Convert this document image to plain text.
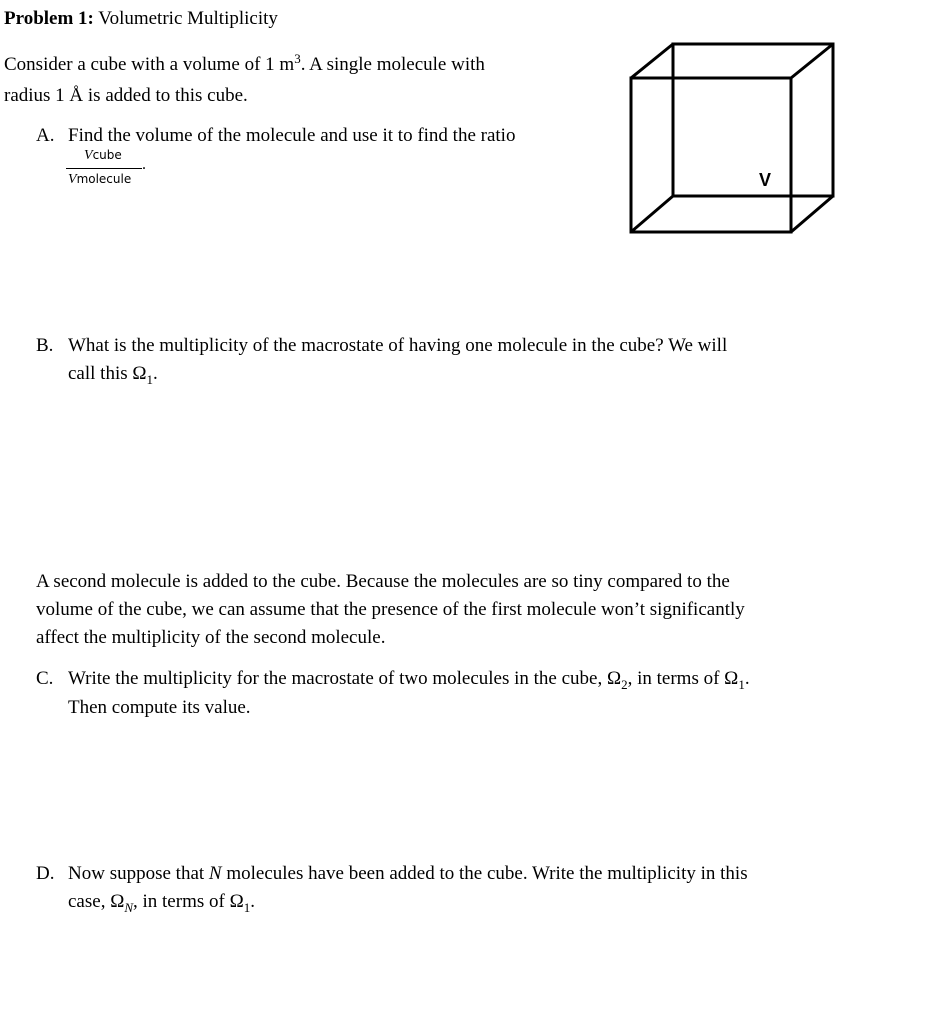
Problem 1: Volumetric Multiplicity
Consider a cube with a volume of 1 $m^3$. A single molecule with
radius 1 Å is added to this cube.
A. Find the volume of the molecule and use it to find the ratio
Vcube
Vmolecule
.
V
B. What is the multiplicity of the macrostate of having one molecule in the cube? We will
call this $\Omega_1$.
A second molecule is added to the cube. Because the molecules are so tiny compared to the
volume of the cube, we can assume that the presence of the first molecule won’t significantly
affect the multiplicity of the second molecule.
C. Write the multiplicity for the macrostate of two molecules in the cube, $\Omega_2$, in terms of $\Omega_1$.
Then compute its value.
D. Now suppose that N molecules have been added to the cube. Write the multiplicity in this
case, $\Omega_N$, in terms of $\Omega_1$.
